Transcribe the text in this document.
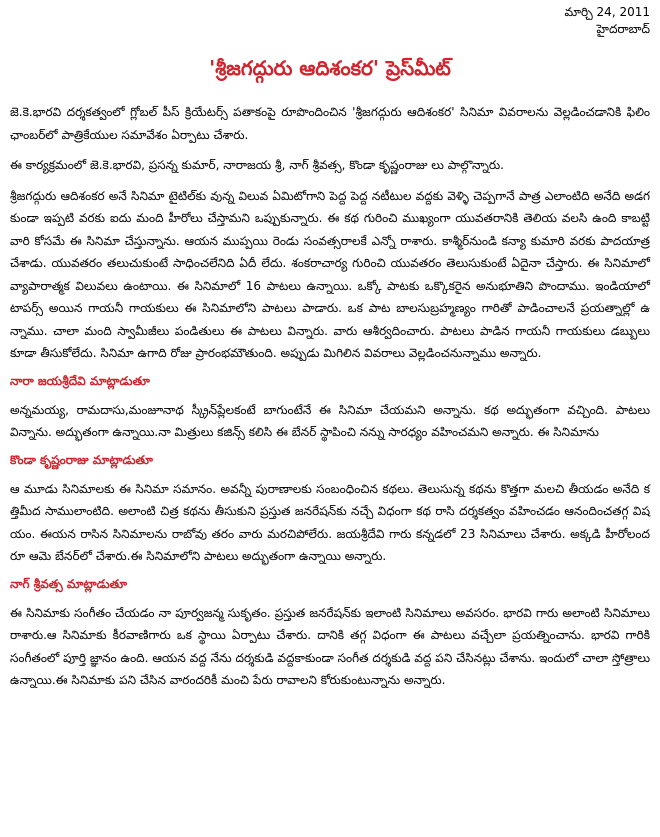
మార్చి 24, 2011
హైదరాబాద్
'శ్రీజగద్గురు ఆదిశంకర' ప్రెస్‌మీట్

జె.కె.భారవి దర్శకత్వంలో గ్లోబల్ పీస్ క్రియేటర్స్ పతాకంపై రూపొందించిన 'శ్రీజగద్గురు ఆదిశంకర' సినిమా వివరాలను వెల్లడించడానికి ఫిలిం ఛాంబర్‌లో పాత్రికేయుల సమావేశం ఏర్పాటు చేశారు.

ఈ కార్యక్రమంలో జె.కె.భారవి, ప్రసన్న కుమార్, నారాజయ శ్రీ, నాగ్ శ్రీవత్స, కొండా కృష్ణంరాజు లు పాల్గొన్నారు.

శ్రీజగద్గురు ఆదిశంకర అనే సినిమా టైటిల్‌కు వున్న విలువ ఏమిటోగాని పెద్ద పెద్ద నటీటుల వద్దకు వెళ్ళి చెప్పగానే పాత్ర ఎలాంటిది అనేది అడగకుండా ఇప్పటి వరకు ఐదు మంది హీరోలు చేస్తామని ఒప్పుకున్నారు. ఈ కథ గురించి ముఖ్యంగా యువతరానికి తెలియ వలసి ఉంది కాబట్టి వారి కోసమే ఈ సినిమా చేస్తున్నాను. ఆయన ముప్పయి రెండు సంవత్సరాలకే ఎన్నో రాశారు. కాశ్మీర్‌నుండి కన్యా కుమారి వరకు పాదయాత్ర చేశాడు. యువతరం తలుచుకుంటే సాధించలేనిది ఏదీ లేదు. శంకరాచార్య గురించి యువతరం తెలుసుకుంటే ఏదైనా చేస్తారు. ఈ సినిమాలో వ్యాపారాత్మక విలువలు ఉంటాయి. ఈ సినిమాలో 16 పాటలు ఉన్నాయి. ఒక్కో పాటకు ఒక్కొకరైన అనుభూతిని పొందాము. ఇండియాలో టాపర్స్ అయిన గాయనీ గాయకులు ఈ సినిమాలోని పాటలు పాడారు. ఒక పాట బాలసుబ్రహ్మణ్యం గారితో పాడించాలనే ప్రయత్నాల్లో ఉన్నాము. చాలా మంది స్వామీజీలు పండితులు ఈ పాటలు విన్నారు. వారు ఆశీర్వదించారు. పాటలు పాడిన గాయనీ గాయకులు డబ్బులు కూడా తీసుకోలేదు. సినిమా ఉగాది రోజు ప్రారంభమౌతుంది. అప్పుడు మిగిలిన వివరాలు వెల్లడించనున్నాము అన్నారు.

నారా జయశ్రీదేవి మాట్లాడుతూ

అన్నమయ్య, రామదాసు,మంజూనాథ స్క్రీన్‌ప్లేలకంటే బాగుంటేనే ఈ సినిమా చేయమని అన్నాను. కథ అద్భుతంగా వచ్చింది. పాటలు విన్నాను. అద్భుతంగా ఉన్నాయి.నా మిత్రులు కజిన్స్ కలిసి ఈ బేనర్ స్థాపించి నన్ను సారధ్యం వహించమని అన్నారు. ఈ సినిమాను

కొండా కృష్ణంరాజు మాట్లాడుతూ

ఆ మూడు సినిమాలకు ఈ సినిమా సమానం. అవన్నీ పురాణాలకు సంబంధించిన కథలు. తెలుసున్న కథను కొత్తగా మలచి తీయడం అనేది కత్తిమీద సాములాంటిది. అలాంటి చిత్ర కథను తీసుకుని ప్రస్తుత జనరేషన్‌కు నచ్చే విధంగా కథ రాసి దర్శకత్వం వహించడం ఆనందించతగ్గ విషయం. ఈయన రాసిన సినిమాలను రాబోవు తరం వారు మరచిపోలేరు. జయశ్రీదేవి గారు కన్నడలో 23 సినిమాలు చేశారు. అక్కడి హీరోలందరూ ఆమె బేనర్‌లో చేశారు.ఈ సినిమాలోని పాటలు అద్భుతంగా ఉన్నాయి అన్నారు.

నాగ్ శ్రీవత్స మాట్లాడుతూ

ఈ సినిమాకు సంగీతం చేయడం నా పూర్వజన్మ సుకృతం. ప్రస్తుత జనరేషన్‌కు ఇలాంటి సినిమాలు అవసరం. భారవి గారు అలాంటి సినిమాలు రాశారు.ఆ సినిమాకు కీరవాణిగారు ఒక స్థాయి ఏర్పాటు చేశారు. దానికి తగ్గ విధంగా ఈ పాటలు వచ్చేలా ప్రయత్నించాను. భారవి గారికి సంగీతంలో పూర్తి జ్ఞానం ఉంది. ఆయన వద్ద నేను దర్శకుడి వద్దకాకుండా సంగీత దర్శకుడి వద్ద పని చేసినట్లు చేశాను. ఇందులో చాలా స్తోత్రాలు ఉన్నాయి.ఈ సినిమాకు పని చేసిన వారందరికీ మంచి పేరు రావాలని కోరుకుంటున్నాను అన్నారు.
